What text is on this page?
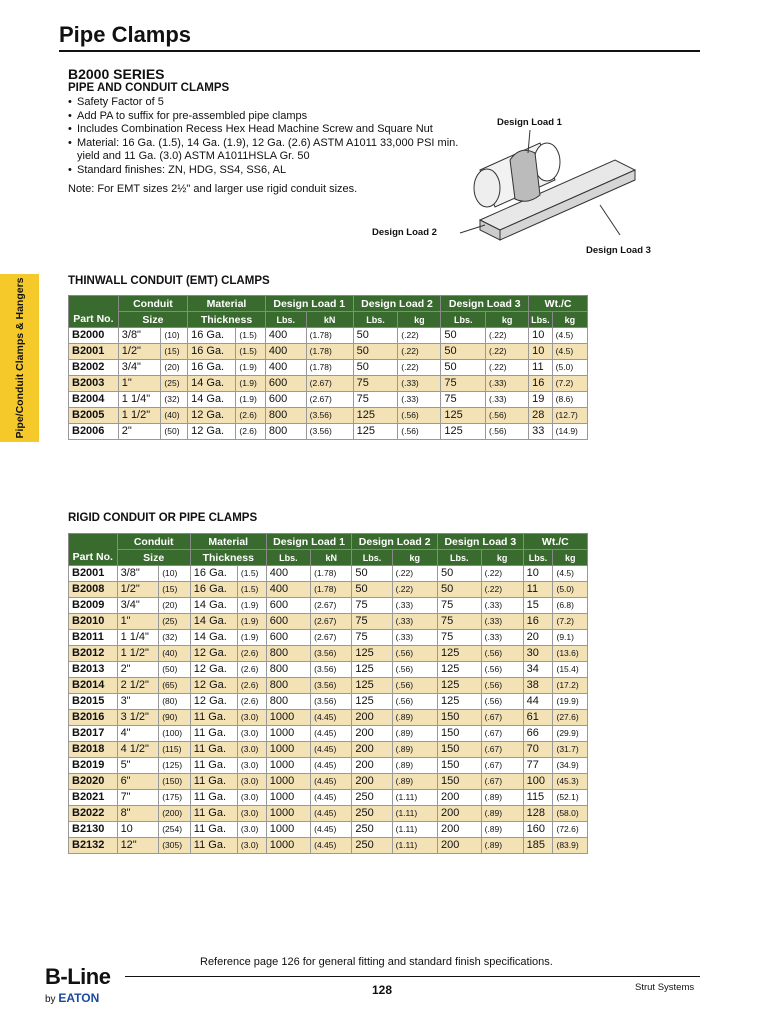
Pipe Clamps
B2000 SERIES
PIPE AND CONDUIT CLAMPS
• Safety Factor of 5
• Add PA to suffix for pre-assembled pipe clamps
• Includes Combination Recess Hex Head Machine Screw and Square Nut
• Material: 16 Ga. (1.5), 14 Ga. (1.9), 12 Ga. (2.6) ASTM A1011 33,000 PSI min. yield and 11 Ga. (3.0) ASTM A1011HSLA Gr. 50
• Standard finishes: ZN, HDG, SS4, SS6, AL
Note: For EMT sizes 2½" and larger use rigid conduit sizes.
Design Load 1
Design Load 2
Design Load 3
Pipe/Conduit Clamps & Hangers	THINWALL CONDUIT (EMT) CLAMPS
Part No.	Conduit		Material		Design Load 1		Design Load 2		Design Load 3		Wt./C	
	Size		Thickness		Lbs.	kN	Lbs.	kg	Lbs.	kg	Lbs.	kg
B2000	3/8"	(10)	16 Ga.	(1.5)	400	(1.78)	50	(.22)	50	(.22)	10	(4.5)
B2001	1/2"	(15)	16 Ga.	(1.5)	400	(1.78)	50	(.22)	50	(.22)	10	(4.5)
B2002	3/4"	(20)	16 Ga.	(1.9)	400	(1.78)	50	(.22)	50	(.22)	11	(5.0)
B2003	1"	(25)	14 Ga.	(1.9)	600	(2.67)	75	(.33)	75	(.33)	16	(7.2)
B2004	1 1/4"	(32)	14 Ga.	(1.9)	600	(2.67)	75	(.33)	75	(.33)	19	(8.6)
B2005	1 1/2"	(40)	12 Ga.	(2.6)	800	(3.56)	125	(.56)	125	(.56)	28	(12.7)
B2006	2"	(50)	12 Ga.	(2.6)	800	(3.56)	125	(.56)	125	(.56)	33	(14.9)
RIGID CONDUIT OR PIPE CLAMPS
Part No.	Conduit		Material		Design Load 1		Design Load 2		Design Load 3		Wt./C	
	Size		Thickness		Lbs.	kN	Lbs.	kg	Lbs.	kg	Lbs.	kg
B2001	3/8"	(10)	16 Ga.	(1.5)	400	(1.78)	50	(.22)	50	(.22)	10	(4.5)
B2008	1/2"	(15)	16 Ga.	(1.5)	400	(1.78)	50	(.22)	50	(.22)	11	(5.0)
B2009	3/4"	(20)	14 Ga.	(1.9)	600	(2.67)	75	(.33)	75	(.33)	15	(6.8)
B2010	1"	(25)	14 Ga.	(1.9)	600	(2.67)	75	(.33)	75	(.33)	16	(7.2)
B2011	1 1/4"	(32)	14 Ga.	(1.9)	600	(2.67)	75	(.33)	75	(.33)	20	(9.1)
B2012	1 1/2"	(40)	12 Ga.	(2.6)	800	(3.56)	125	(.56)	125	(.56)	30	(13.6)
B2013	2"	(50)	12 Ga.	(2.6)	800	(3.56)	125	(.56)	125	(.56)	34	(15.4)
B2014	2 1/2"	(65)	12 Ga.	(2.6)	800	(3.56)	125	(.56)	125	(.56)	38	(17.2)
B2015	3"	(80)	12 Ga.	(2.6)	800	(3.56)	125	(.56)	125	(.56)	44	(19.9)
B2016	3 1/2"	(90)	11 Ga.	(3.0)	1000	(4.45)	200	(.89)	150	(.67)	61	(27.6)
B2017	4"	(100)	11 Ga.	(3.0)	1000	(4.45)	200	(.89)	150	(.67)	66	(29.9)
B2018	4 1/2"	(115)	11 Ga.	(3.0)	1000	(4.45)	200	(.89)	150	(.67)	70	(31.7)
B2019	5"	(125)	11 Ga.	(3.0)	1000	(4.45)	200	(.89)	150	(.67)	77	(34.9)
B2020	6"	(150)	11 Ga.	(3.0)	1000	(4.45)	200	(.89)	150	(.67)	100	(45.3)
B2021	7"	(175)	11 Ga.	(3.0)	1000	(4.45)	250	(1.11)	200	(.89)	115	(52.1)
B2022	8"	(200)	11 Ga.	(3.0)	1000	(4.45)	250	(1.11)	200	(.89)	128	(58.0)
B2130	10	(254)	11 Ga.	(3.0)	1000	(4.45)	250	(1.11)	200	(.89)	160	(72.6)
B2132	12"	(305)	11 Ga.	(3.0)	1000	(4.45)	250	(1.11)	200	(.89)	185	(83.9)
Reference page 126 for general fitting and standard finish specifications.
B-Line
by EATON
128	Strut Systems
